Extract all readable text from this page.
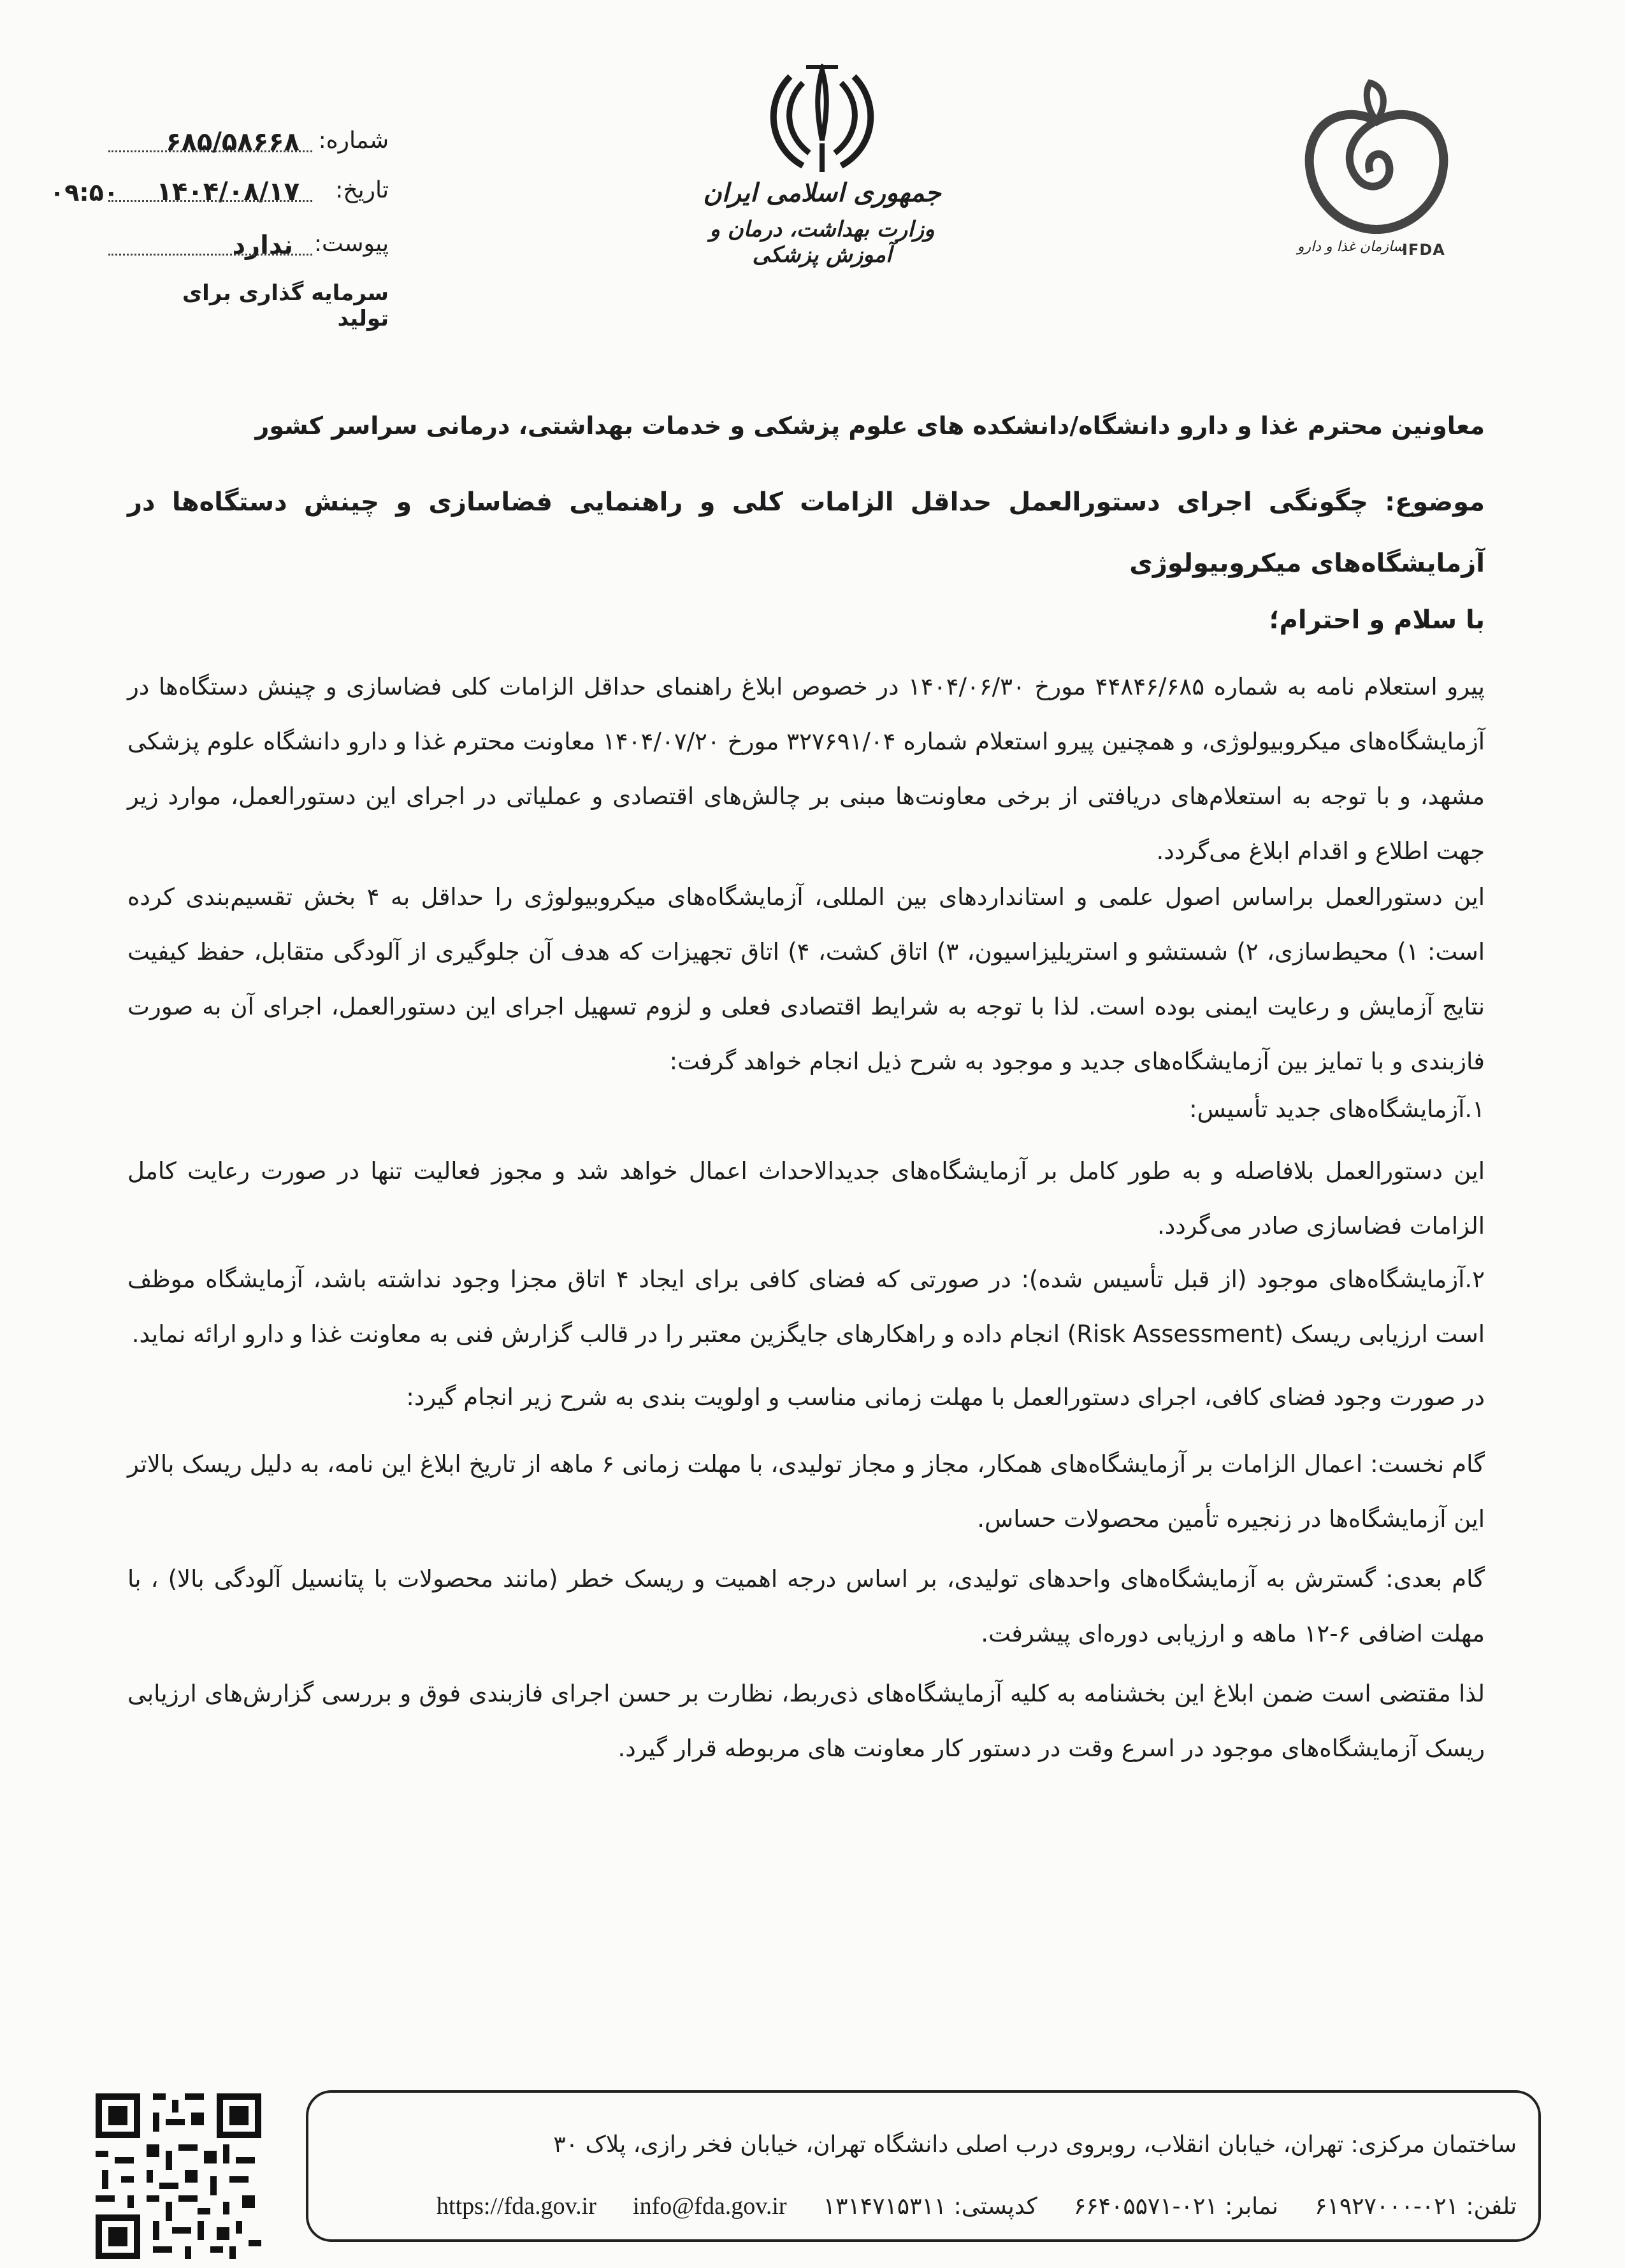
شماره:
۶۸۵/۵۸۶۶۸
تاریخ:
۱۴۰۴/۰۸/۱۷
۰۹:۵۰
پیوست:
ندارد
سرمایه گذاری برای تولید
جمهوری اسلامی ایران
وزارت بهداشت، درمان و آموزش پزشکی	سازمان غذا و دارو
IFDA
معاونین محترم غذا و دارو دانشگاه/دانشکده های علوم پزشکی و خدمات بهداشتی، درمانی سراسر کشور
موضوع: چگونگی اجرای دستورالعمل حداقل الزامات کلی و راهنمایی فضاسازی و چینش دستگاه‌ها در آزمایشگاه‌های میکروبیولوژی
با سلام و احترام؛
پیرو استعلام نامه به شماره ۴۴۸۴۶/۶۸۵ مورخ ۱۴۰۴/۰۶/۳۰ در خصوص ابلاغ راهنمای حداقل الزامات کلی فضاسازی و چینش دستگاه‌ها در آزمایشگاه‌های میکروبیولوژی، و همچنین پیرو استعلام شماره ۳۲۷۶۹۱/۰۴ مورخ ۱۴۰۴/۰۷/۲۰ معاونت محترم غذا و دارو دانشگاه علوم پزشکی مشهد، و با توجه به استعلام‌های دریافتی از برخی معاونت‌ها مبنی بر چالش‌های اقتصادی و عملیاتی در اجرای این دستورالعمل، موارد زیر جهت اطلاع و اقدام ابلاغ می‌گردد.
این دستورالعمل براساس اصول علمی و استانداردهای بین المللی، آزمایشگاه‌های میکروبیولوژی را حداقل به ۴ بخش تقسیم‌بندی کرده است: ۱) محیط‌سازی، ۲) شستشو و استریلیزاسیون، ۳) اتاق کشت، ۴) اتاق تجهیزات که هدف آن جلوگیری از آلودگی متقابل، حفظ کیفیت نتایج آزمایش و رعایت ایمنی بوده است. لذا با توجه به شرایط اقتصادی فعلی و لزوم تسهیل اجرای این دستورالعمل، اجرای آن به صورت فازبندی و با تمایز بین آزمایشگاه‌های جدید و موجود به شرح ذیل انجام خواهد گرفت:
۱.آزمایشگاه‌های جدید تأسیس:
این دستورالعمل بلافاصله و به طور کامل بر آزمایشگاه‌های جدیدالاحداث اعمال خواهد شد و مجوز فعالیت تنها در صورت رعایت کامل الزامات فضاسازی صادر می‌گردد.
۲.آزمایشگاه‌های موجود (از قبل تأسیس شده): در صورتی که فضای کافی برای ایجاد ۴ اتاق مجزا وجود نداشته باشد، آزمایشگاه موظف است ارزیابی ریسک (Risk Assessment) انجام داده و راهکارهای جایگزین معتبر را در قالب گزارش فنی به معاونت غذا و دارو ارائه نماید.
در صورت وجود فضای کافی، اجرای دستورالعمل با مهلت زمانی مناسب و اولویت بندی به شرح زیر انجام گیرد:
گام نخست: اعمال الزامات بر آزمایشگاه‌های همکار، مجاز و مجاز تولیدی، با مهلت زمانی ۶ ماهه از تاریخ ابلاغ این نامه، به دلیل ریسک بالاتر این آزمایشگاه‌ها در زنجیره تأمین محصولات حساس.
گام بعدی: گسترش به آزمایشگاه‌های واحدهای تولیدی، بر اساس درجه اهمیت و ریسک خطر (مانند محصولات با پتانسیل آلودگی بالا) ، با مهلت اضافی ۶-۱۲ ماهه و ارزیابی دوره‌ای پیشرفت.
لذا مقتضی است ضمن ابلاغ این بخشنامه به کلیه آزمایشگاه‌های ذی‌ربط، نظارت بر حسن اجرای فازبندی فوق و بررسی گزارش‌های ارزیابی ریسک آزمایشگاه‌های موجود در اسرع وقت در دستور کار معاونت های مربوطه قرار گیرد.
ساختمان مرکزی: تهران، خیابان انقلاب، روبروی درب اصلی دانشگاه تهران، خیابان فخر رازی، پلاک ۳۰
تلفن: ۰۲۱-۶۱۹۲۷۰۰۰     نمابر: ۰۲۱-۶۶۴۰۵۵۷۱     کدپستی: ۱۳۱۴۷۱۵۳۱۱     info@fda.gov.ir     https://fda.gov.ir
